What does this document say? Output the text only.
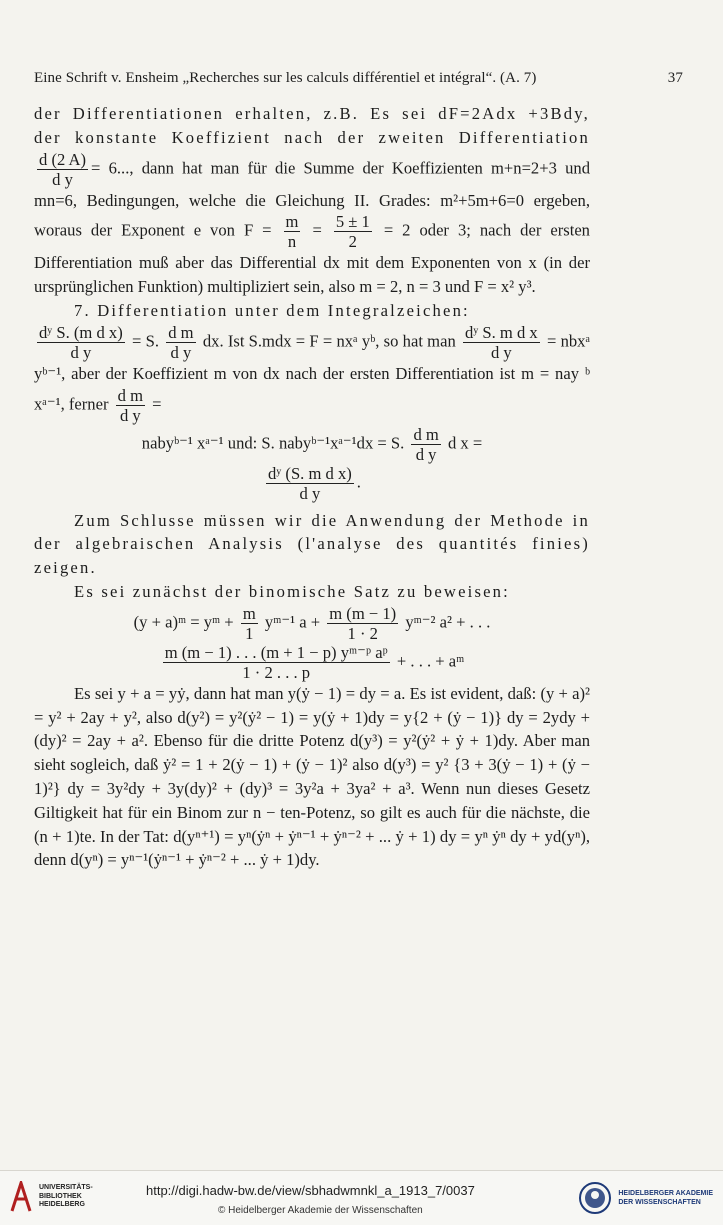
Eine Schrift v. Ensheim „Recherches sur les calculs différentiel et intégral“. (A. 7)	37

der Differentiationen erhalten, z.B. Es sei dF=2Adx +3Bdy, der konstante Koeffizient nach der zweiten Differentiation
$\frac{d (2 A)}{\text{d y}} = 6$..., dann hat man für die Summe der Koeffizienten m+n=2+3 und mn=6, Bedingungen, welche die Gleichung II. Grades: m²+5m+6=0 ergeben, woraus der Exponent e von $F = \frac{m}{n} = \frac{5 \pm 1}{2} = 2$ oder 3; nach der ersten Differentiation muß aber das Differential dx mit dem Exponenten von x (in der ursprünglichen Funktion) multipliziert sein, also m = 2, n = 3 und F = x² y³.

7. Differentiation unter dem Integralzeichen:

$\frac{\text{dʸ S. (m d x)}}{\text{d y}} = S$. $\frac{\text{d m}}{\text{d y}}$ dx. Ist S.mdx = F = nxᵃ yᵇ, so hat man $\frac{\text{dʸ S. m d x}}{\text{d y}}$ = nbxᵃ yᵇ⁻¹, aber der Koeffizient m von dx nach der ersten Differentiation ist m = nay ᵇ xᵃ⁻¹, ferner $\frac{\text{d m}}{\text{d y}}$ =

nabyᵇ⁻¹ xᵃ⁻¹ und: S. nabyᵇ⁻¹xᵃ⁻¹dx = S. $\frac{\text{d m}}{\text{d y}}$ d x =

$\frac{\text{dʸ (S. m d x)}}{\text{d y}}$ .

Zum Schlusse müssen wir die Anwendung der Methode in der algebraischen Analysis (l'analyse des quantités finies) zeigen.

Es sei zunächst der binomische Satz zu beweisen:

(y + a)ᵐ = yᵐ + $\frac{m}{1}$ yᵐ⁻¹ $a + \frac{m (m - 1)}{1 \cdot 2}$ yᵐ⁻² a² + . . .

$\frac{\text{m (m − 1) . . . (m + 1 − p) yᵐ⁻ᵖ aᵖ}}{1 \cdot 2 . . . p}$ + . . . + aᵐ

Es sei y + a = yẏ, dann hat man y(ẏ − 1) = dy = a. Es ist evident, daß: (y + a)² = y² + 2ay + y², also d(y²) = y²(ẏ² − 1) = y(ẏ + 1)dy = y{2 + (ẏ − 1)} dy = 2ydy + (dy)² = 2ay + a². Ebenso für die dritte Potenz d(y³) = y²(ẏ² + ẏ + 1)dy. Aber man sieht sogleich, daß ẏ² = 1 + 2(ẏ − 1) + (ẏ − 1)² also d(y³) = y² {3 + 3(ẏ − 1) + (ẏ − 1)²} dy = 3y²dy + 3y(dy)² + (dy)³ = 3y²a + 3ya² + a³. Wenn nun dieses Gesetz Giltigkeit hat für ein Binom zur n − ten-Potenz, so gilt es auch für die nächste, die (n + 1)te. In der Tat: d(yⁿ⁺¹) = yⁿ(ẏⁿ + ẏⁿ⁻¹ + ẏⁿ⁻² + ... ẏ + 1) dy = yⁿ ẏⁿ dy + yd(yⁿ), denn d(yⁿ) = yⁿ⁻¹(ẏⁿ⁻¹ + ẏⁿ⁻² + ... ẏ + 1)dy.

UNIVERSITÄTS-
BIBLIOTHEK
HEIDELBERG
http://digi.hadw-bw.de/view/sbhadwmnkl_a_1913_7/0037
© Heidelberger Akademie der Wissenschaften
HEIDELBERGER AKADEMIE
DER WISSENSCHAFTEN
